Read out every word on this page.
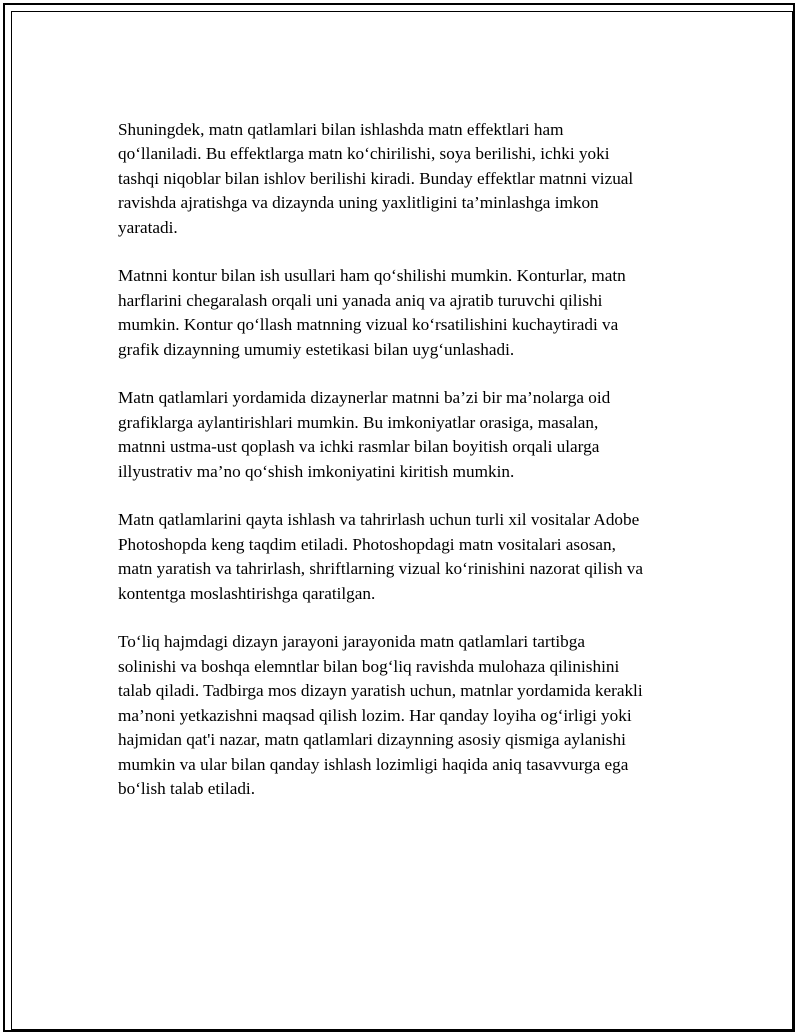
Shuningdek, matn qatlamlari bilan ishlashda matn effektlari ham
qo‘llaniladi. Bu effektlarga matn ko‘chirilishi, soya berilishi, ichki yoki
tashqi niqoblar bilan ishlov berilishi kiradi. Bunday effektlar matnni vizual
ravishda ajratishga va dizaynda uning yaxlitligini ta’minlashga imkon
yaratadi.

Matnni kontur bilan ish usullari ham qo‘shilishi mumkin. Konturlar, matn
harflarini chegaralash orqali uni yanada aniq va ajratib turuvchi qilishi
mumkin. Kontur qo‘llash matnning vizual ko‘rsatilishini kuchaytiradi va
grafik dizaynning umumiy estetikasi bilan uyg‘unlashadi.

Matn qatlamlari yordamida dizaynerlar matnni ba’zi bir ma’nolarga oid
grafiklarga aylantirishlari mumkin. Bu imkoniyatlar orasiga, masalan,
matnni ustma-ust qoplash va ichki rasmlar bilan boyitish orqali ularga
illyustrativ ma’no qo‘shish imkoniyatini kiritish mumkin.

Matn qatlamlarini qayta ishlash va tahrirlash uchun turli xil vositalar Adobe
Photoshopda keng taqdim etiladi. Photoshopdagi matn vositalari asosan,
matn yaratish va tahrirlash, shriftlarning vizual ko‘rinishini nazorat qilish va
kontentga moslashtirishga qaratilgan.

To‘liq hajmdagi dizayn jarayoni jarayonida matn qatlamlari tartibga
solinishi va boshqa elemntlar bilan bog‘liq ravishda mulohaza qilinishini
talab qiladi. Tadbirga mos dizayn yaratish uchun, matnlar yordamida kerakli
ma’noni yetkazishni maqsad qilish lozim. Har qanday loyiha og‘irligi yoki
hajmidan qat'i nazar, matn qatlamlari dizaynning asosiy qismiga aylanishi
mumkin va ular bilan qanday ishlash lozimligi haqida aniq tasavvurga ega
bo‘lish talab etiladi.
